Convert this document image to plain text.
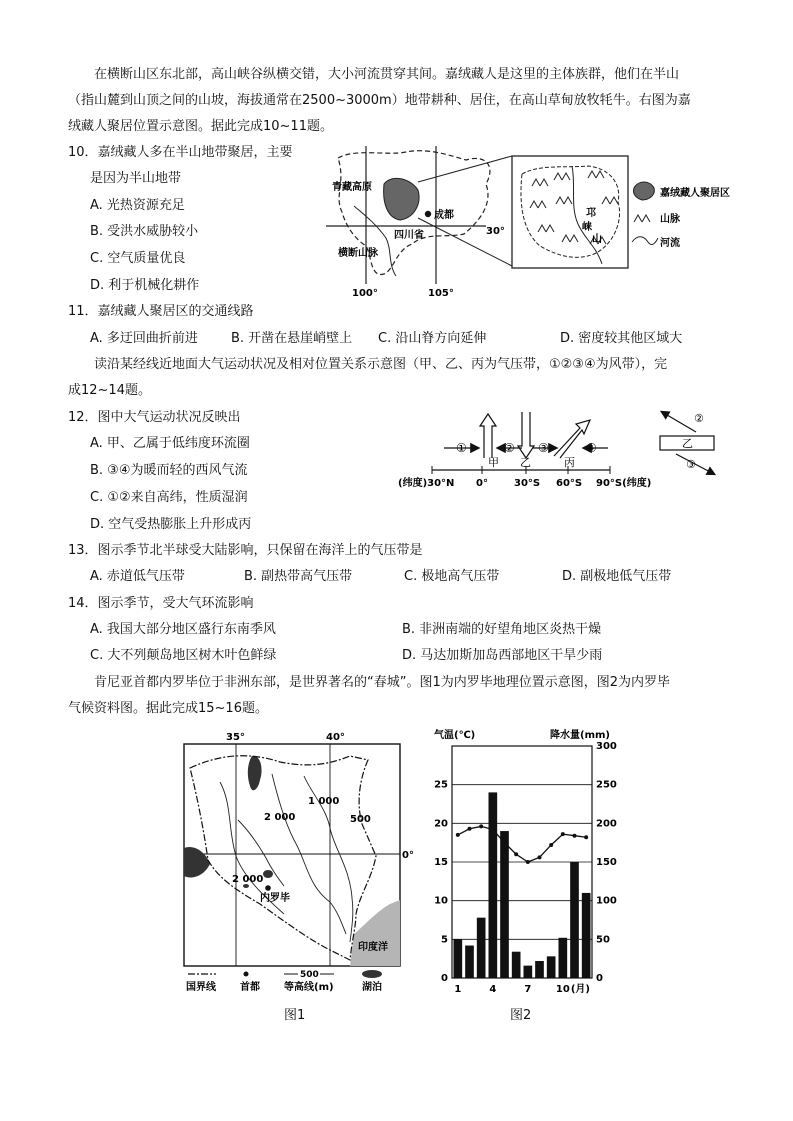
在横断山区东北部，高山峡谷纵横交错，大小河流贯穿其间。嘉绒藏人是这里的主体族群，他们在半山

（指山麓到山顶之间的山坡，海拔通常在2500~3000m）地带耕种、居住，在高山草甸放牧牦牛。右图为嘉

绒藏人聚居位置示意图。据此完成10~11题。

10．嘉绒藏人多在半山地带聚居，主要
是因为半山地带
A. 光热资源充足
B. 受洪水威胁较小
C. 空气质量优良
D. 利于机械化耕作
青藏高原
成都
四川省
横断山脉
30°
100°	105°
邛
崃
山
嘉绒藏人聚居区
山脉
河流
11．嘉绒藏人聚居区的交通线路
A. 多迂回曲折前进	B. 开凿在悬崖峭壁上 C. 沿山脊方向延伸	D. 密度较其他区域大

读沿某经线近地面大气运动状况及相对位置关系示意图（甲、乙、丙为气压带，①②③④为风带），完

成12~14题。

12．图中大气运动状况反映出
A. 甲、乙属于低纬度环流圈
B. ③④为暖而轻的西风气流
C. ①②来自高纬，性质湿润
D. 空气受热膨胀上升形成丙
①	② ③	④
甲 乙	丙
(纬度)30°N 0°	30°S 60°S 90°S(纬度)
乙
②
③
13．图示季节北半球受大陆影响，只保留在海洋上的气压带是
A. 赤道低气压带	B. 副热带高气压带	C. 极地高气压带	D. 副极地低气压带
14．图示季节，受大气环流影响
A. 我国大部分地区盛行东南季风	B. 非洲南端的好望角地区炎热干燥
C. 大不列颠岛地区树木叶色鲜绿	D. 马达加斯加岛西部地区干旱少雨

肯尼亚首都内罗毕位于非洲东部，是世界著名的“春城”。图1为内罗毕地理位置示意图，图2为内罗毕

气候资料图。据此完成15~16题。

35°	40°
0°
2 000
1 000
500
2 000
内罗毕
印度洋
国界线 首都
500
等高线(m)	湖泊
图1
气温(℃)	降水量(mm)
0
5
10
15
20
25
0
50
100
150
200
250
300
1	4	7 10 (月)
图2
